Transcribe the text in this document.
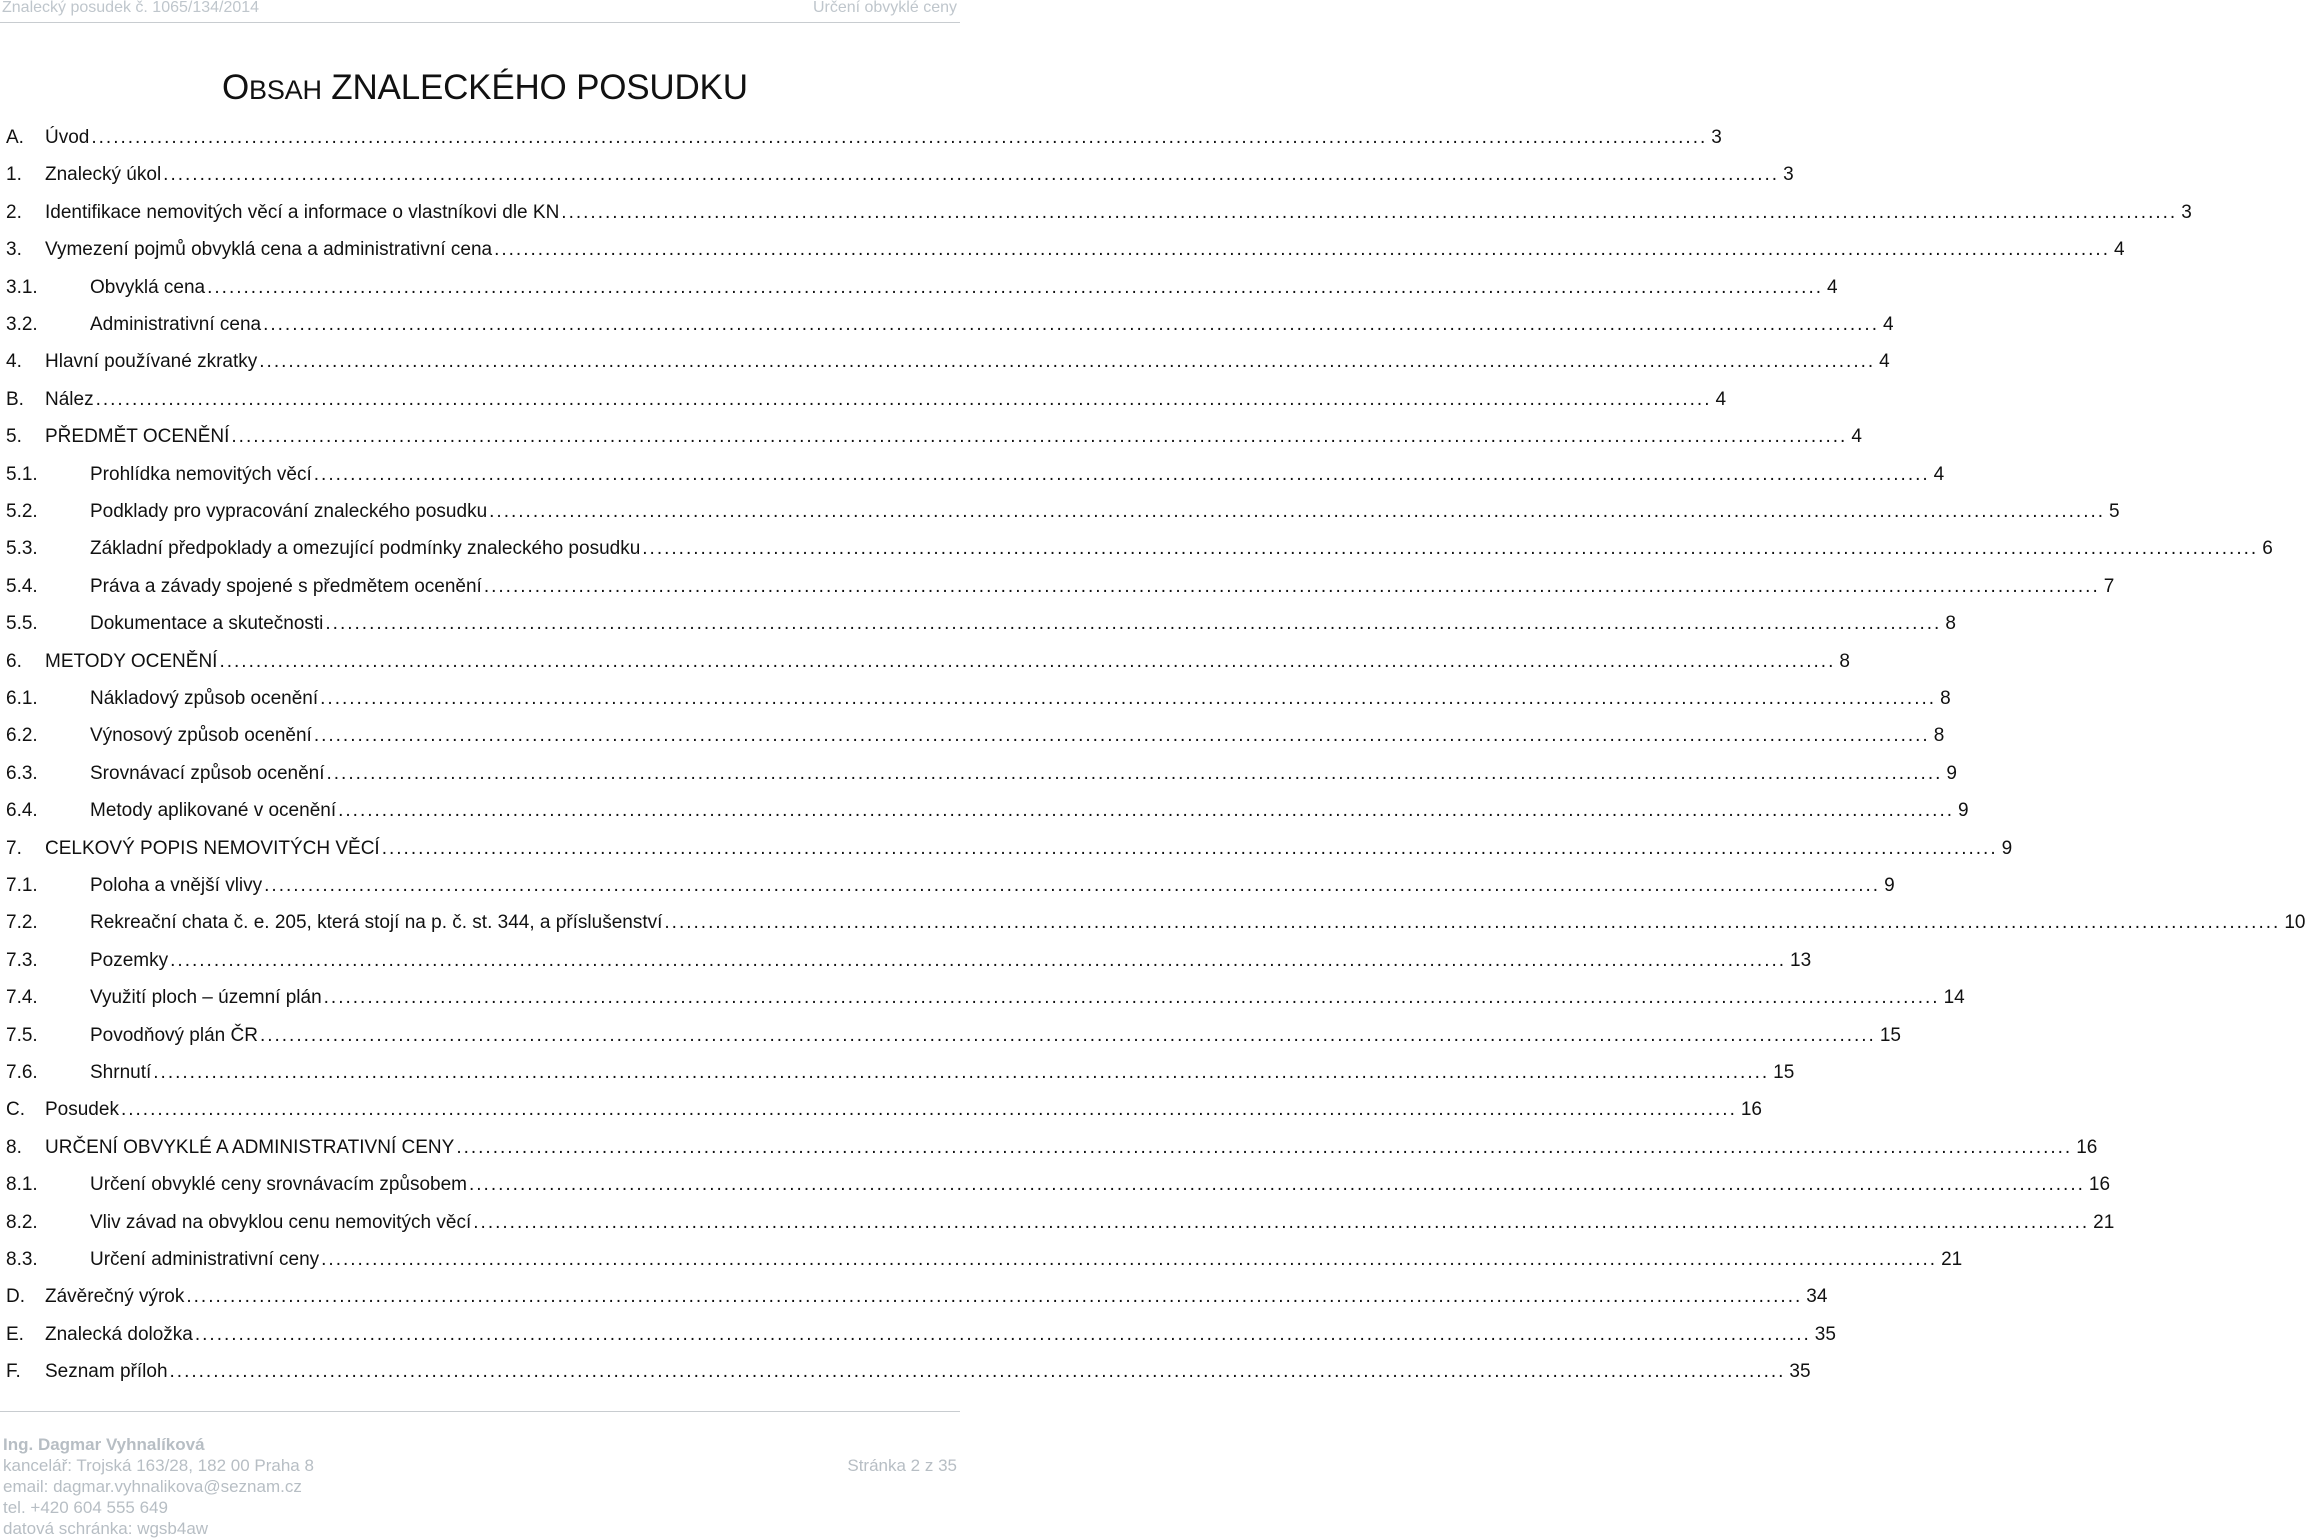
Znalecký posudek č. 1065/134/2014	Určení obvyklé ceny
OBSAH ZNALECKÉHO POSUDKU
A. Úvod .....	3
1. Znalecký úkol .....	3
2. Identifikace nemovitých věcí a informace o vlastníkovi dle KN .....	3
3. Vymezení pojmů obvyklá cena a administrativní cena .....	4
3.1.	Obvyklá cena .....	4
3.2.	Administrativní cena .....	4
4. Hlavní používané zkratky .....	4
B. Nález .....	4
5. PŘEDMĚT OCENĚNÍ .....	4
5.1.	Prohlídka nemovitých věcí .....	4
5.2.	Podklady pro vypracování znaleckého posudku .....	5
5.3.	Základní předpoklady a omezující podmínky znaleckého posudku .....	6
5.4.	Práva a závady spojené s předmětem ocenění .....	7
5.5.	Dokumentace a skutečnosti .....	8
6. METODY OCENĚNÍ .....	8
6.1.	Nákladový způsob ocenění .....	8
6.2.	Výnosový způsob ocenění .....	8
6.3.	Srovnávací způsob ocenění .....	9
6.4.	Metody aplikované v ocenění .....	9
7. CELKOVÝ POPIS NEMOVITÝCH VĚCÍ .....	9
7.1.	Poloha a vnější vlivy .....	9
7.2.	Rekreační chata č. e. 205, která stojí na p. č. st. 344, a příslušenství .....	10
7.3.	Pozemky .....	13
7.4.	Využití ploch – územní plán .....	14
7.5.	Povodňový plán ČR .....	15
7.6.	Shrnutí .....	15
C. Posudek .....	16
8. URČENÍ OBVYKLÉ A ADMINISTRATIVNÍ CENY .....	16
8.1.	Určení obvyklé ceny srovnávacím způsobem .....	16
8.2.	Vliv závad na obvyklou cenu nemovitých věcí .....	21
8.3.	Určení administrativní ceny .....	21
D. Závěrečný výrok .....	34
E. Znalecká doložka .....	35
F. Seznam příloh .....	35
Ing. Dagmar Vyhnalíková
kancelář: Trojská 163/28, 182 00 Praha 8
email: dagmar.vyhnalikova@seznam.cz
tel. +420 604 555 649
datová schránka: wgsb4aw
Stránka 2 z 35
